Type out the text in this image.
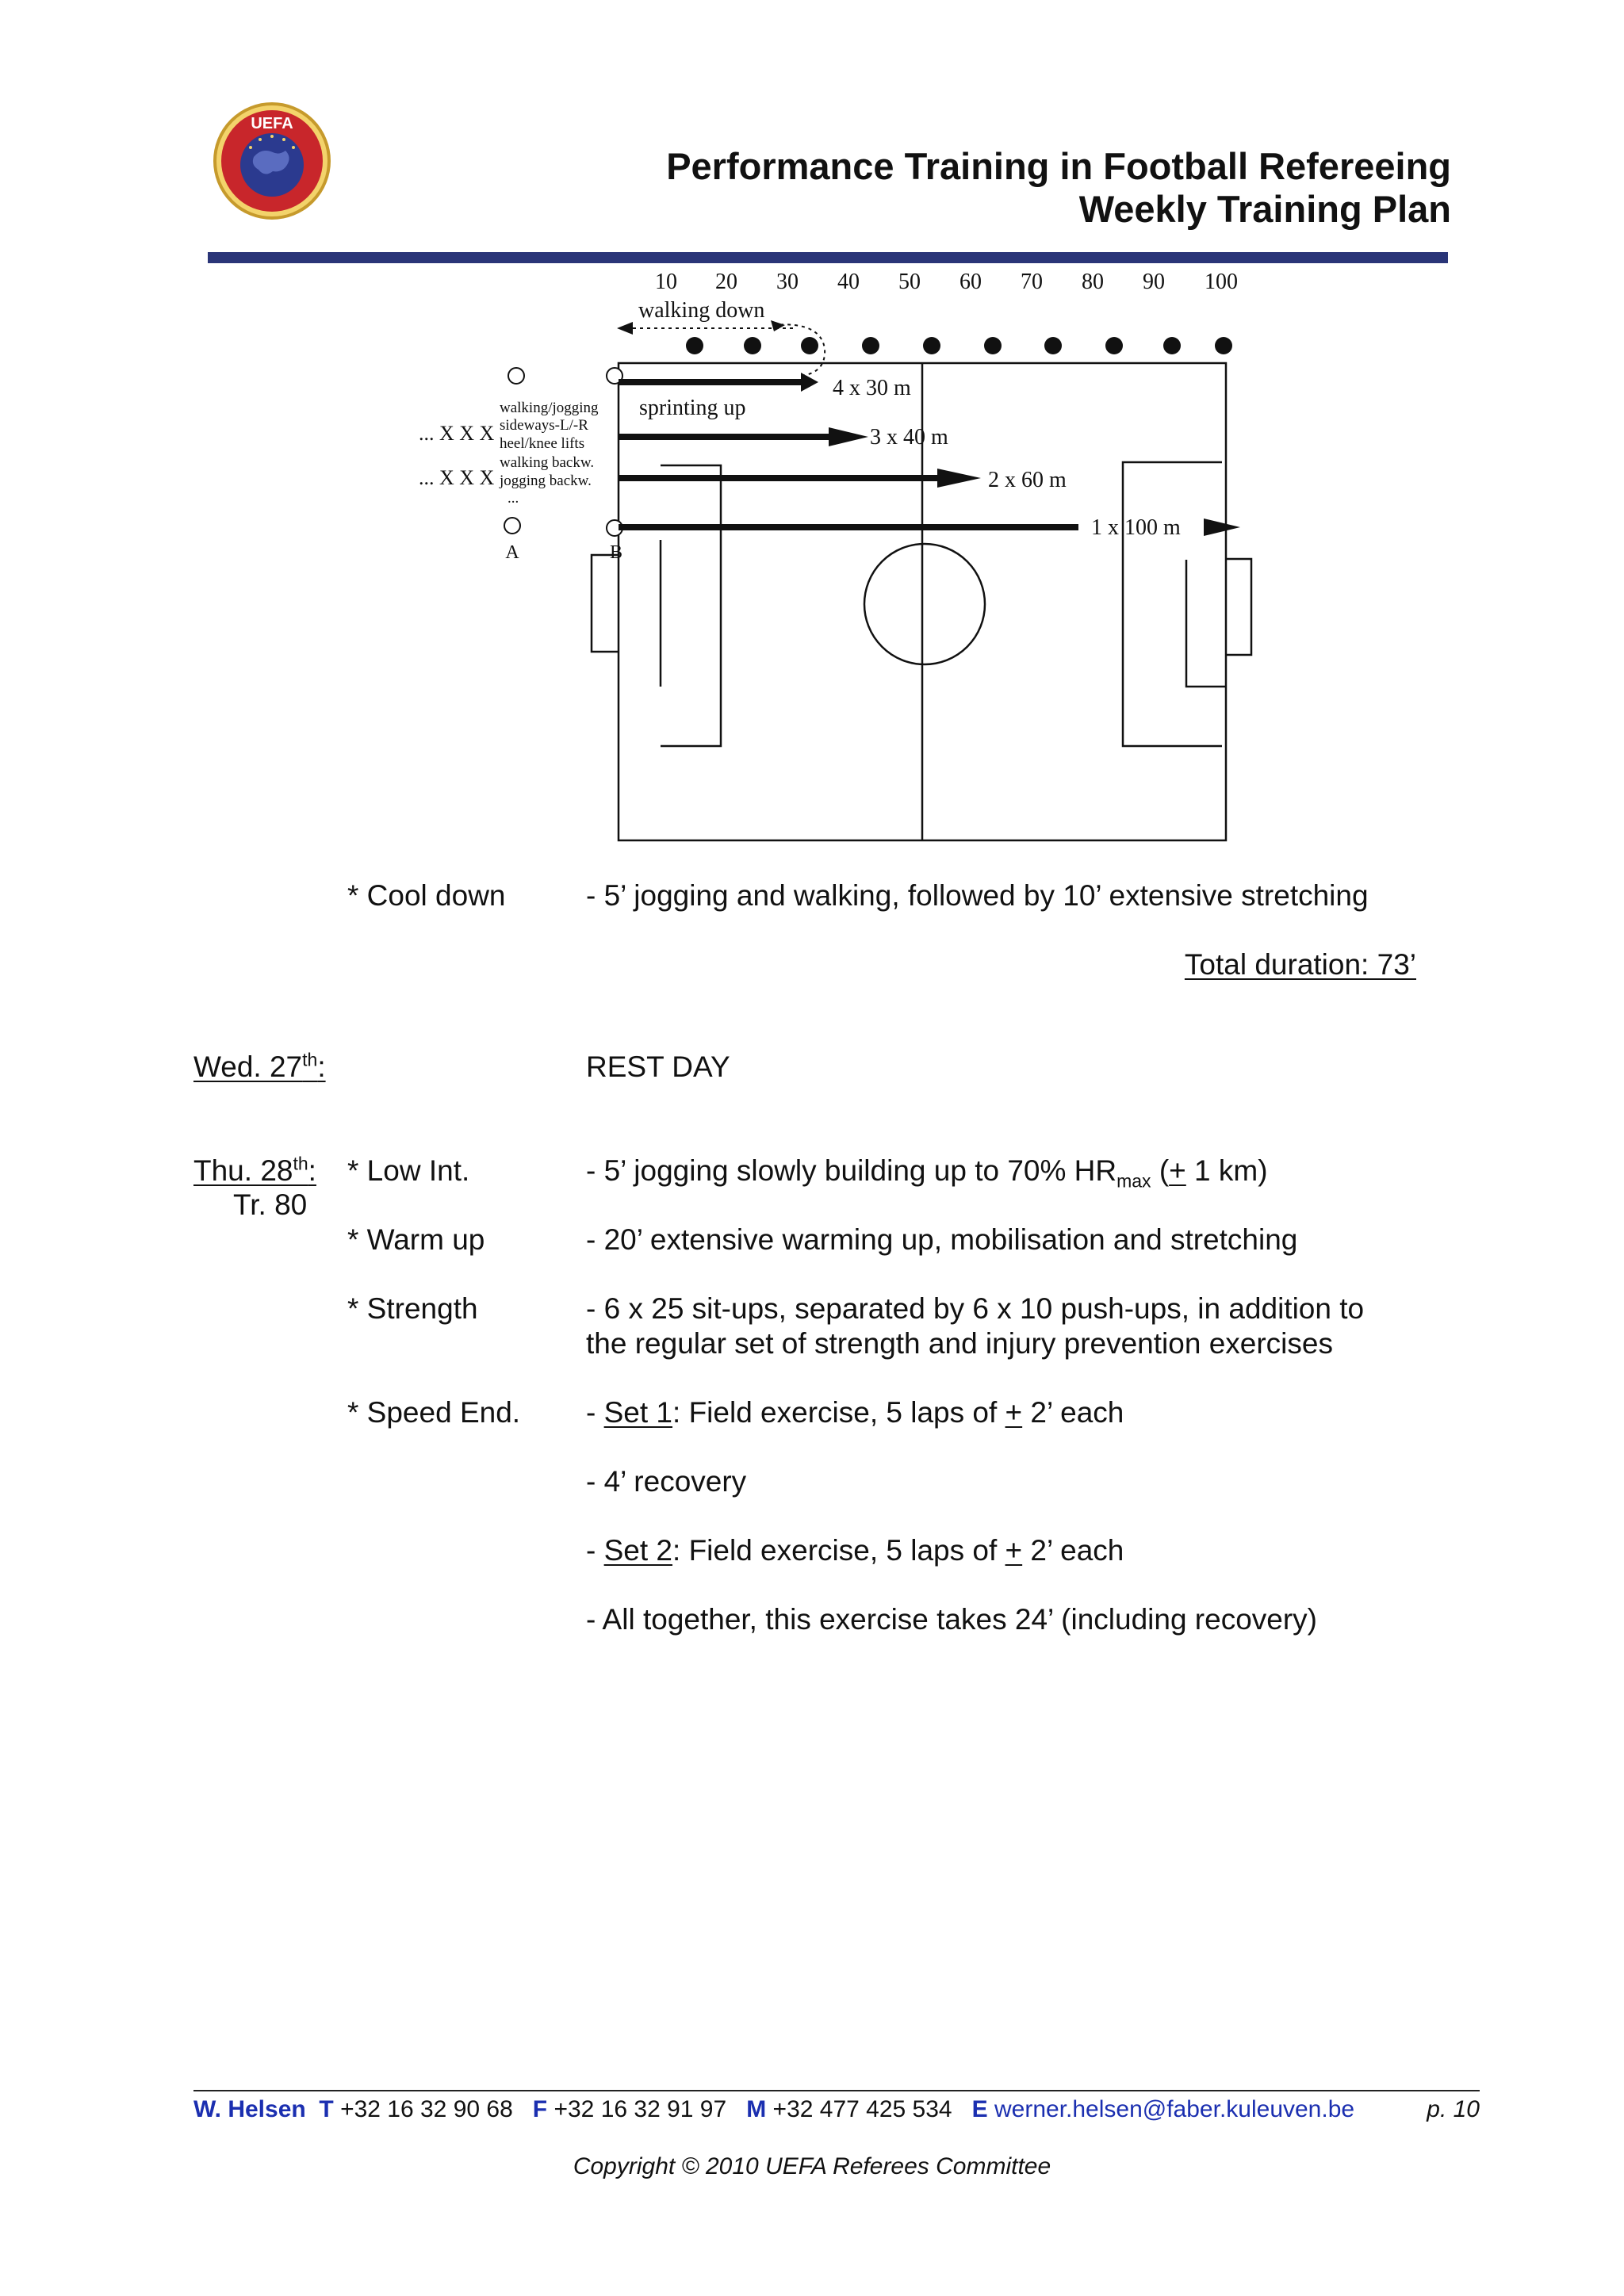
UEFA
Performance Training in Football Refereeing
Weekly Training Plan
10 20 30 40 50 60 70 80 90 100
walking down
A	B
sprinting up
4 x 30 m
3 x 40 m
2 x 60 m
1 x 100 m
walking/jogging
sideways-L/-R
heel/knee lifts
walking backw.
jogging backw.
...
... X X X
... X X X
* Cool down	- 5’ jogging and walking, followed by 10’ extensive stretching
Total duration: 73’
Wed. 27th:	REST DAY
Thu. 28th:
Tr. 80
* Low Int.	- 5’ jogging slowly building up to 70% $HR_{max}$ (+ 1 km)
* Warm up	- 20’ extensive warming up, mobilisation and stretching
* Strength	- 6 x 25 sit-ups, separated by 6 x 10 push-ups, in addition to
the regular set of strength and injury prevention exercises
* Speed End. - Set 1: Field exercise, 5 laps of + 2’ each
- 4’ recovery
- Set 2: Field exercise, 5 laps of + 2’ each
- All together, this exercise takes 24’ (including recovery)
W. Helsen T +32 16 32 90 68 F +32 16 32 91 97 M +32 477 425 534 E werner.helsen@faber.kuleuven.be	p. 10
Copyright © 2010 UEFA Referees Committee
